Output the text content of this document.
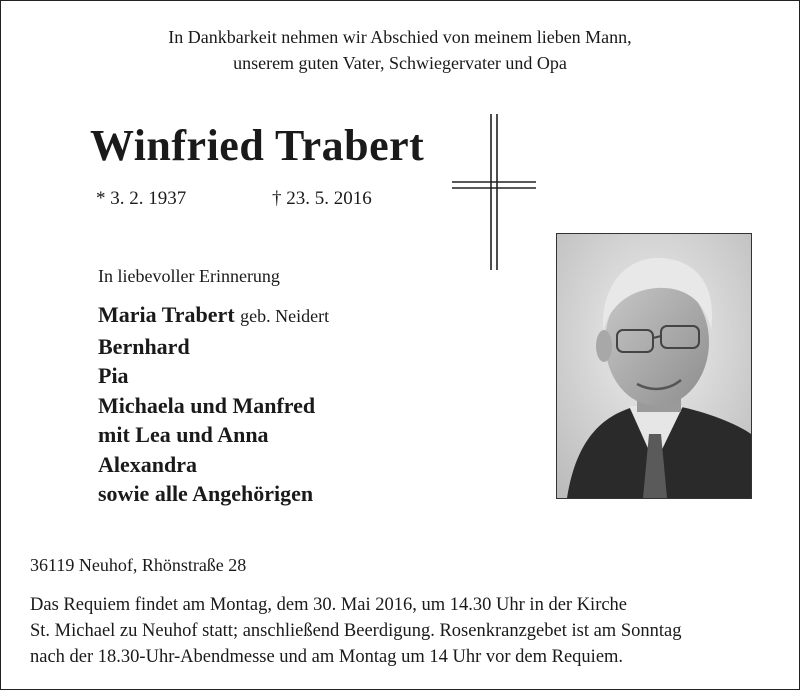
In Dankbarkeit nehmen wir Abschied von meinem lieben Mann,
unserem guten Vater, Schwiegervater und Opa
Winfried Trabert
* 3. 2. 1937	† 23. 5. 2016
In liebevoller Erinnerung
Maria Trabert geb. Neidert
Bernhard
Pia
Michaela und Manfred
mit Lea und Anna
Alexandra
sowie alle Angehörigen
36119 Neuhof, Rhönstraße 28
Das Requiem findet am Montag, dem 30. Mai 2016, um 14.30 Uhr in der Kirche
St. Michael zu Neuhof statt; anschließend Beerdigung. Rosenkranzgebet ist am Sonntag
nach der 18.30-Uhr-Abendmesse und am Montag um 14 Uhr vor dem Requiem.
